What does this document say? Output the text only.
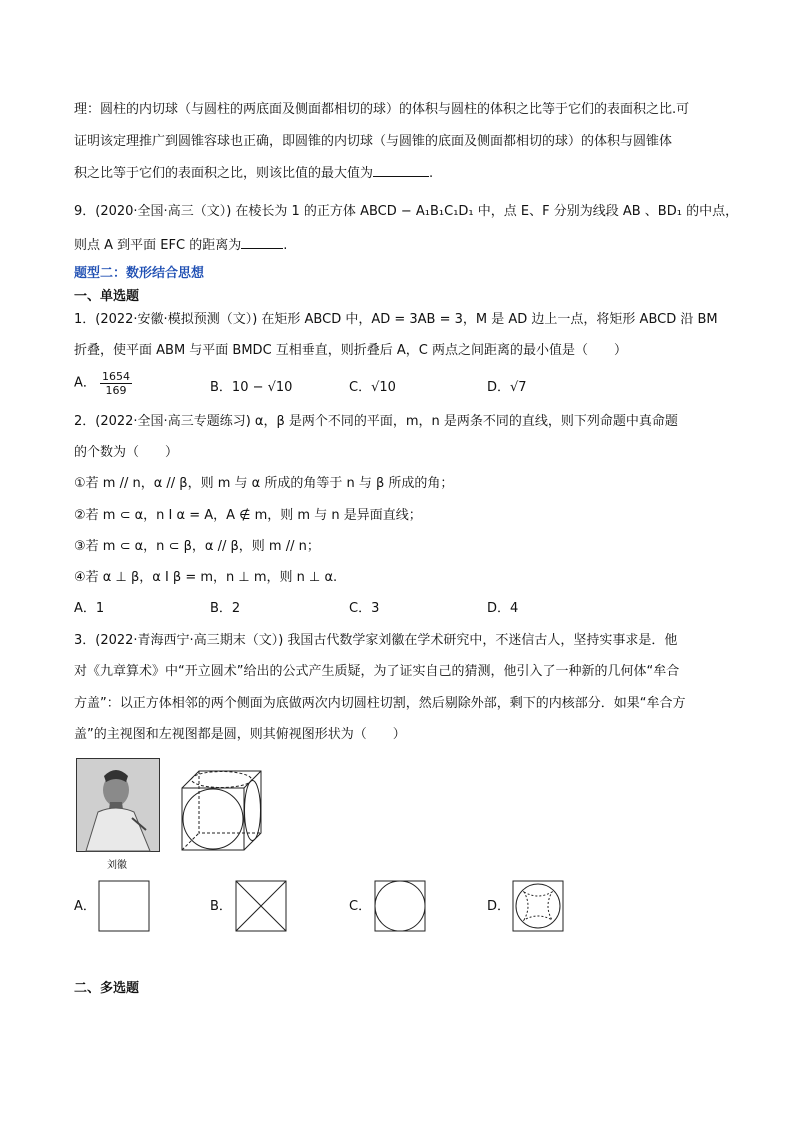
理：圆柱的内切球（与圆柱的两底面及侧面都相切的球）的体积与圆柱的体积之比等于它们的表面积之比.可
证明该定理推广到圆锥容球也正确，即圆锥的内切球（与圆锥的底面及侧面都相切的球）的体积与圆锥体
积之比等于它们的表面积之比，则该比值的最大值为	.
9．(2020·全国·高三（文）) 在棱长为 1 的正方体 ABCD − A₁B₁C₁D₁ 中，点 E、F 分别为线段 AB 、BD₁ 的中点，
则点 A 到平面 EFC 的距离为	.
题型二：数形结合思想
一、单选题
1．(2022·安徽·模拟预测（文）) 在矩形 ABCD 中，AD = 3AB = 3，M 是 AD 边上一点，将矩形 ABCD 沿 BM
折叠，使平面 ABM 与平面 BMDC 互相垂直，则折叠后 A，C 两点之间距离的最小值是（　　）
A． $\frac{1654}{169}$	B．10 − √10	C．√10	D．√7
2．(2022·全国·高三专题练习) α，β 是两个不同的平面，m，n 是两条不同的直线，则下列命题中真命题
的个数为（　　）
①若 m // n，α // β，则 m 与 α 所成的角等于 n 与 β 所成的角；
②若 m ⊂ α，n I α = A，A ∉ m，则 m 与 n 是异面直线；
③若 m ⊂ α，n ⊂ β，α // β，则 m // n；
④若 α ⊥ β，α I β = m，n ⊥ m，则 n ⊥ α.
A．1	B．2	C．3	D．4
3．(2022·青海西宁·高三期末（文）) 我国古代数学家刘徽在学术研究中，不迷信古人，坚持实事求是．他
对《九章算术》中“开立圆术”给出的公式产生质疑，为了证实自己的猜测，他引入了一种新的几何体“牟合
方盖”：以正方体相邻的两个侧面为底做两次内切圆柱切割，然后剔除外部，剩下的内核部分．如果“牟合方
盖”的主视图和左视图都是圆，则其俯视图形状为（　　）
刘徽
A．	B．	C．	D．
二、多选题
